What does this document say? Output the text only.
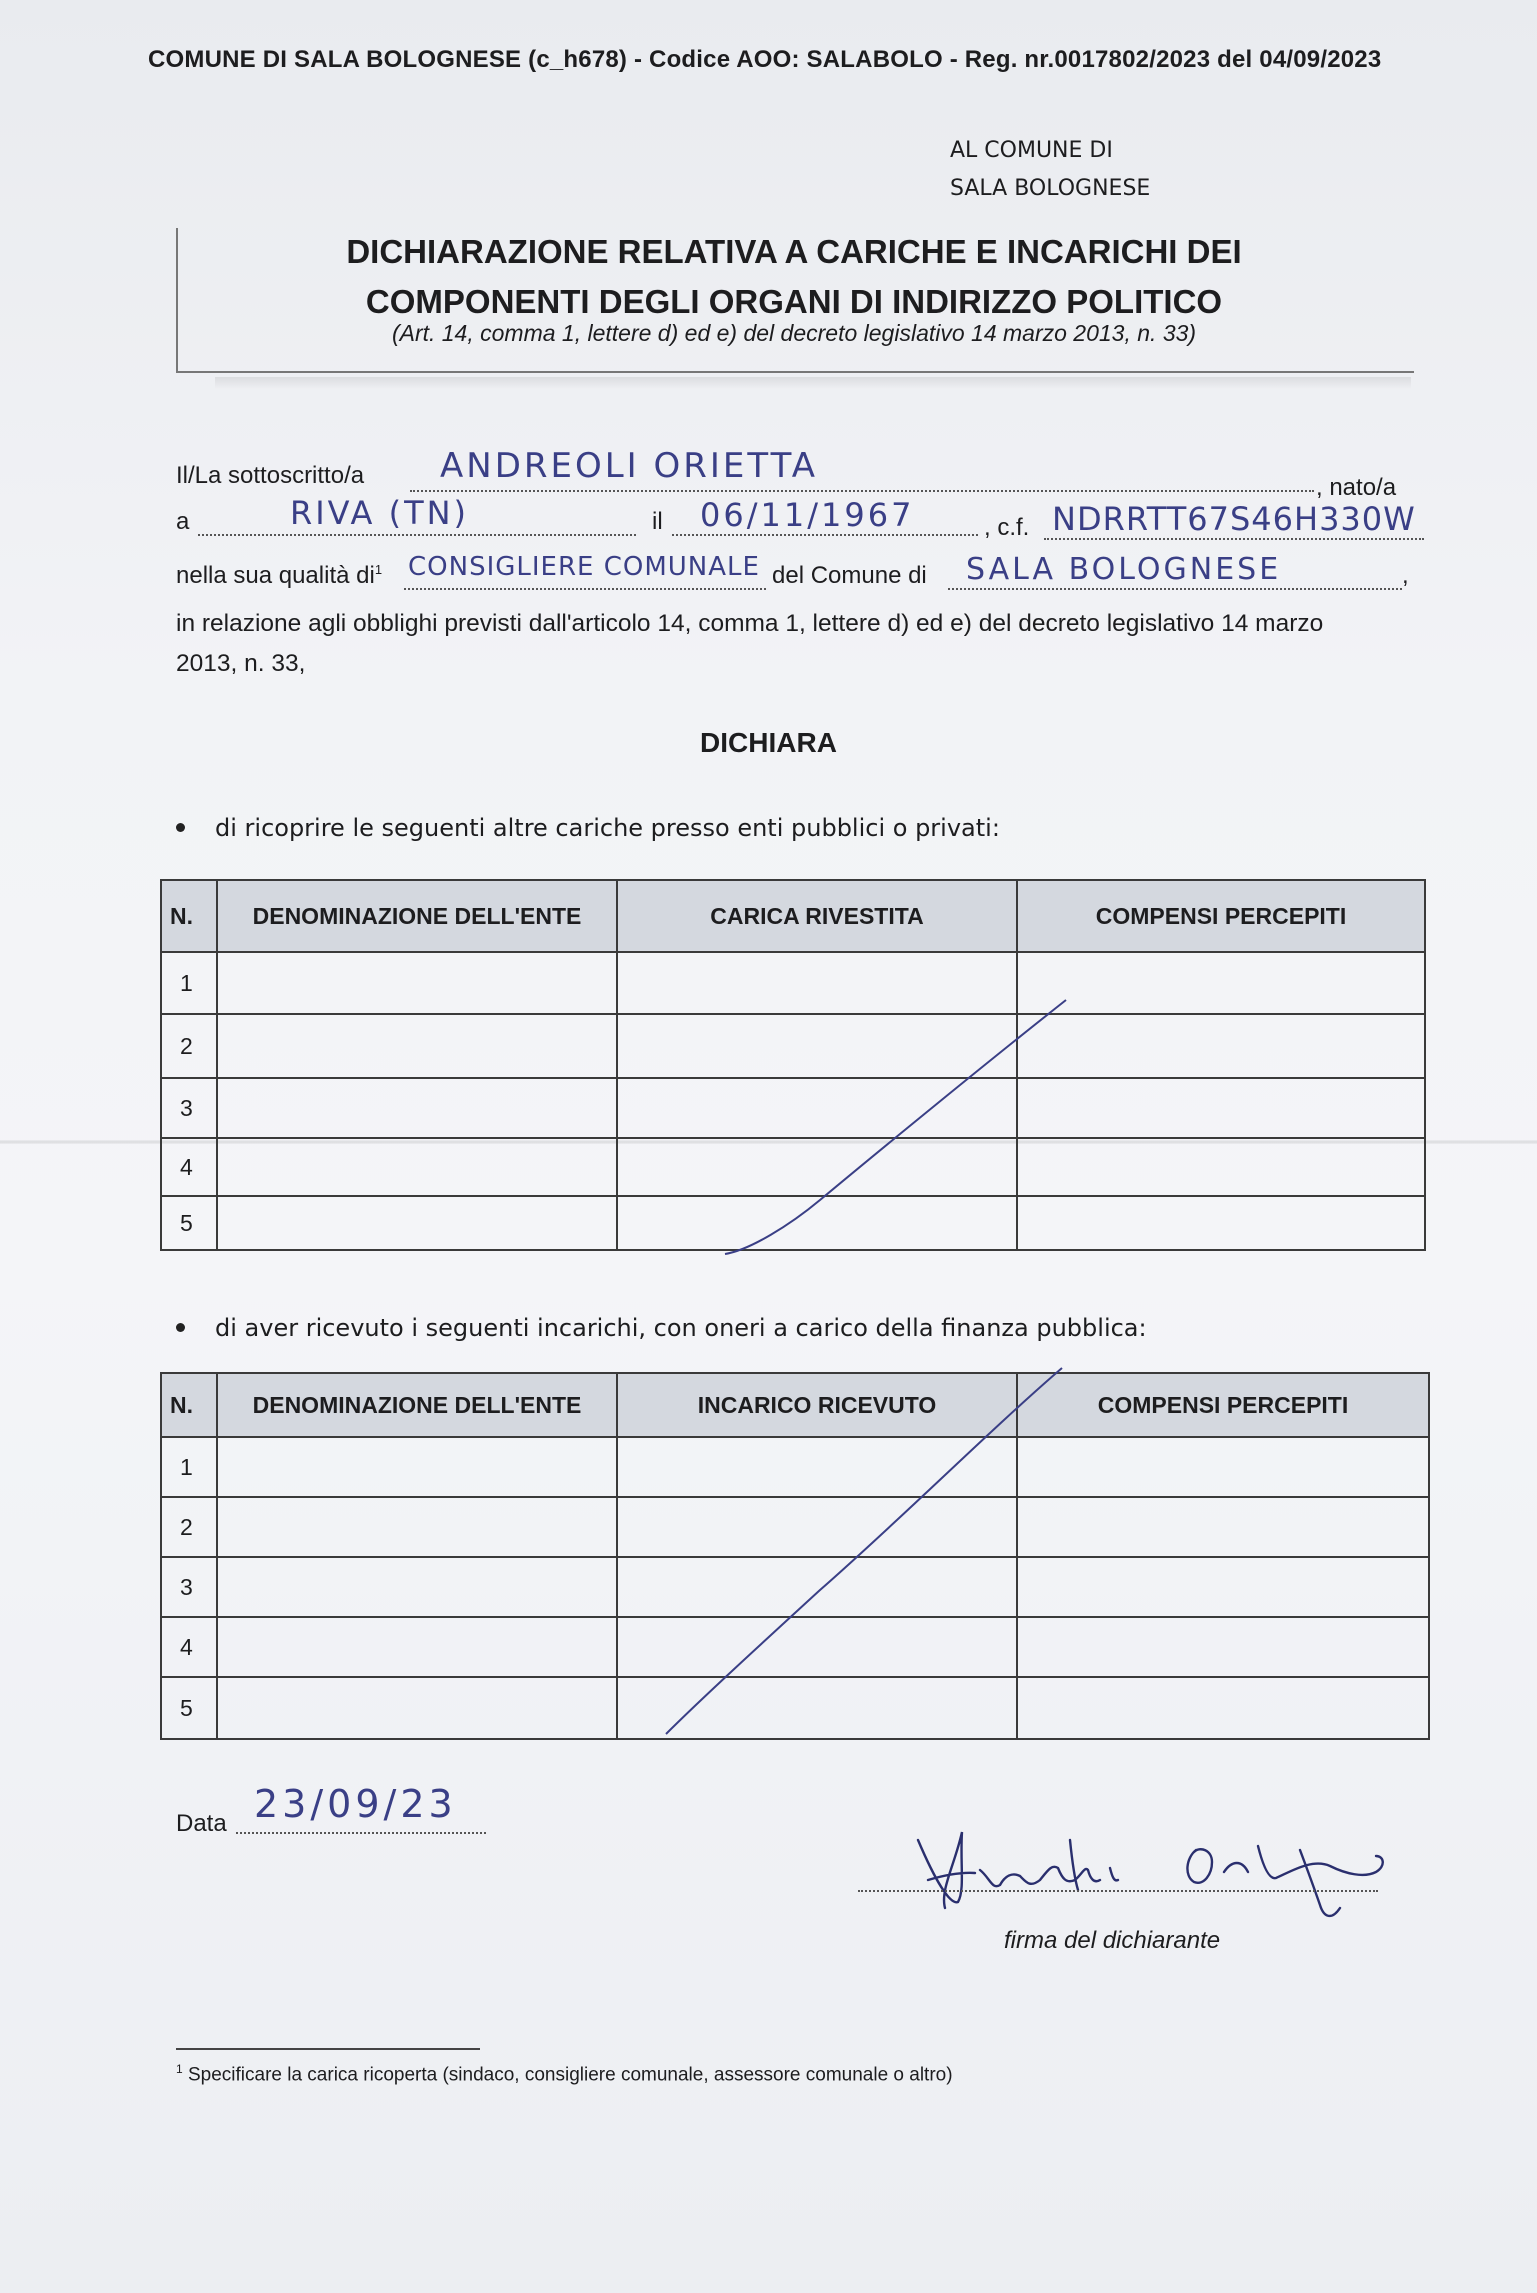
COMUNE DI SALA BOLOGNESE (c_h678) - Codice AOO: SALABOLO - Reg. nr.0017802/2023 del 04/09/2023
AL COMUNE DI
SALA BOLOGNESE
DICHIARAZIONE RELATIVA A CARICHE E INCARICHI DEI
COMPONENTI DEGLI ORGANI DI INDIRIZZO POLITICO
(Art. 14, comma 1, lettere d) ed e) del decreto legislativo 14 marzo 2013, n. 33)
Il/La sottoscritto/a ANDREOLI ORIETTA
, nato/a
a	RIVA (TN)	il 06/11/1967	, c.f. NDRRTT67S46H330W
nella sua qualità $di^1$ CONSIGLIERE COMUNALE del Comune di SALA BOLOGNESE	,
in relazione agli obblighi previsti dall'articolo 14, comma 1, lettere d) ed e) del decreto legislativo 14 marzo
2013, n. 33,
DICHIARA
di ricoprire le seguenti altre cariche presso enti pubblici o privati:
N.	DENOMINAZIONE DELL'ENTE	CARICA RIVESTITA	COMPENSI PERCEPITI
1			
2			
3			
4			
5			
di aver ricevuto i seguenti incarichi, con oneri a carico della finanza pubblica:
N.	DENOMINAZIONE DELL'ENTE	INCARICO RICEVUTO	COMPENSI PERCEPITI
1			
2			
3			
4			
5			
Data 23/09/23
firma del dichiarante
$^1$ Specificare la carica ricoperta (sindaco, consigliere comunale, assessore comunale o altro)
